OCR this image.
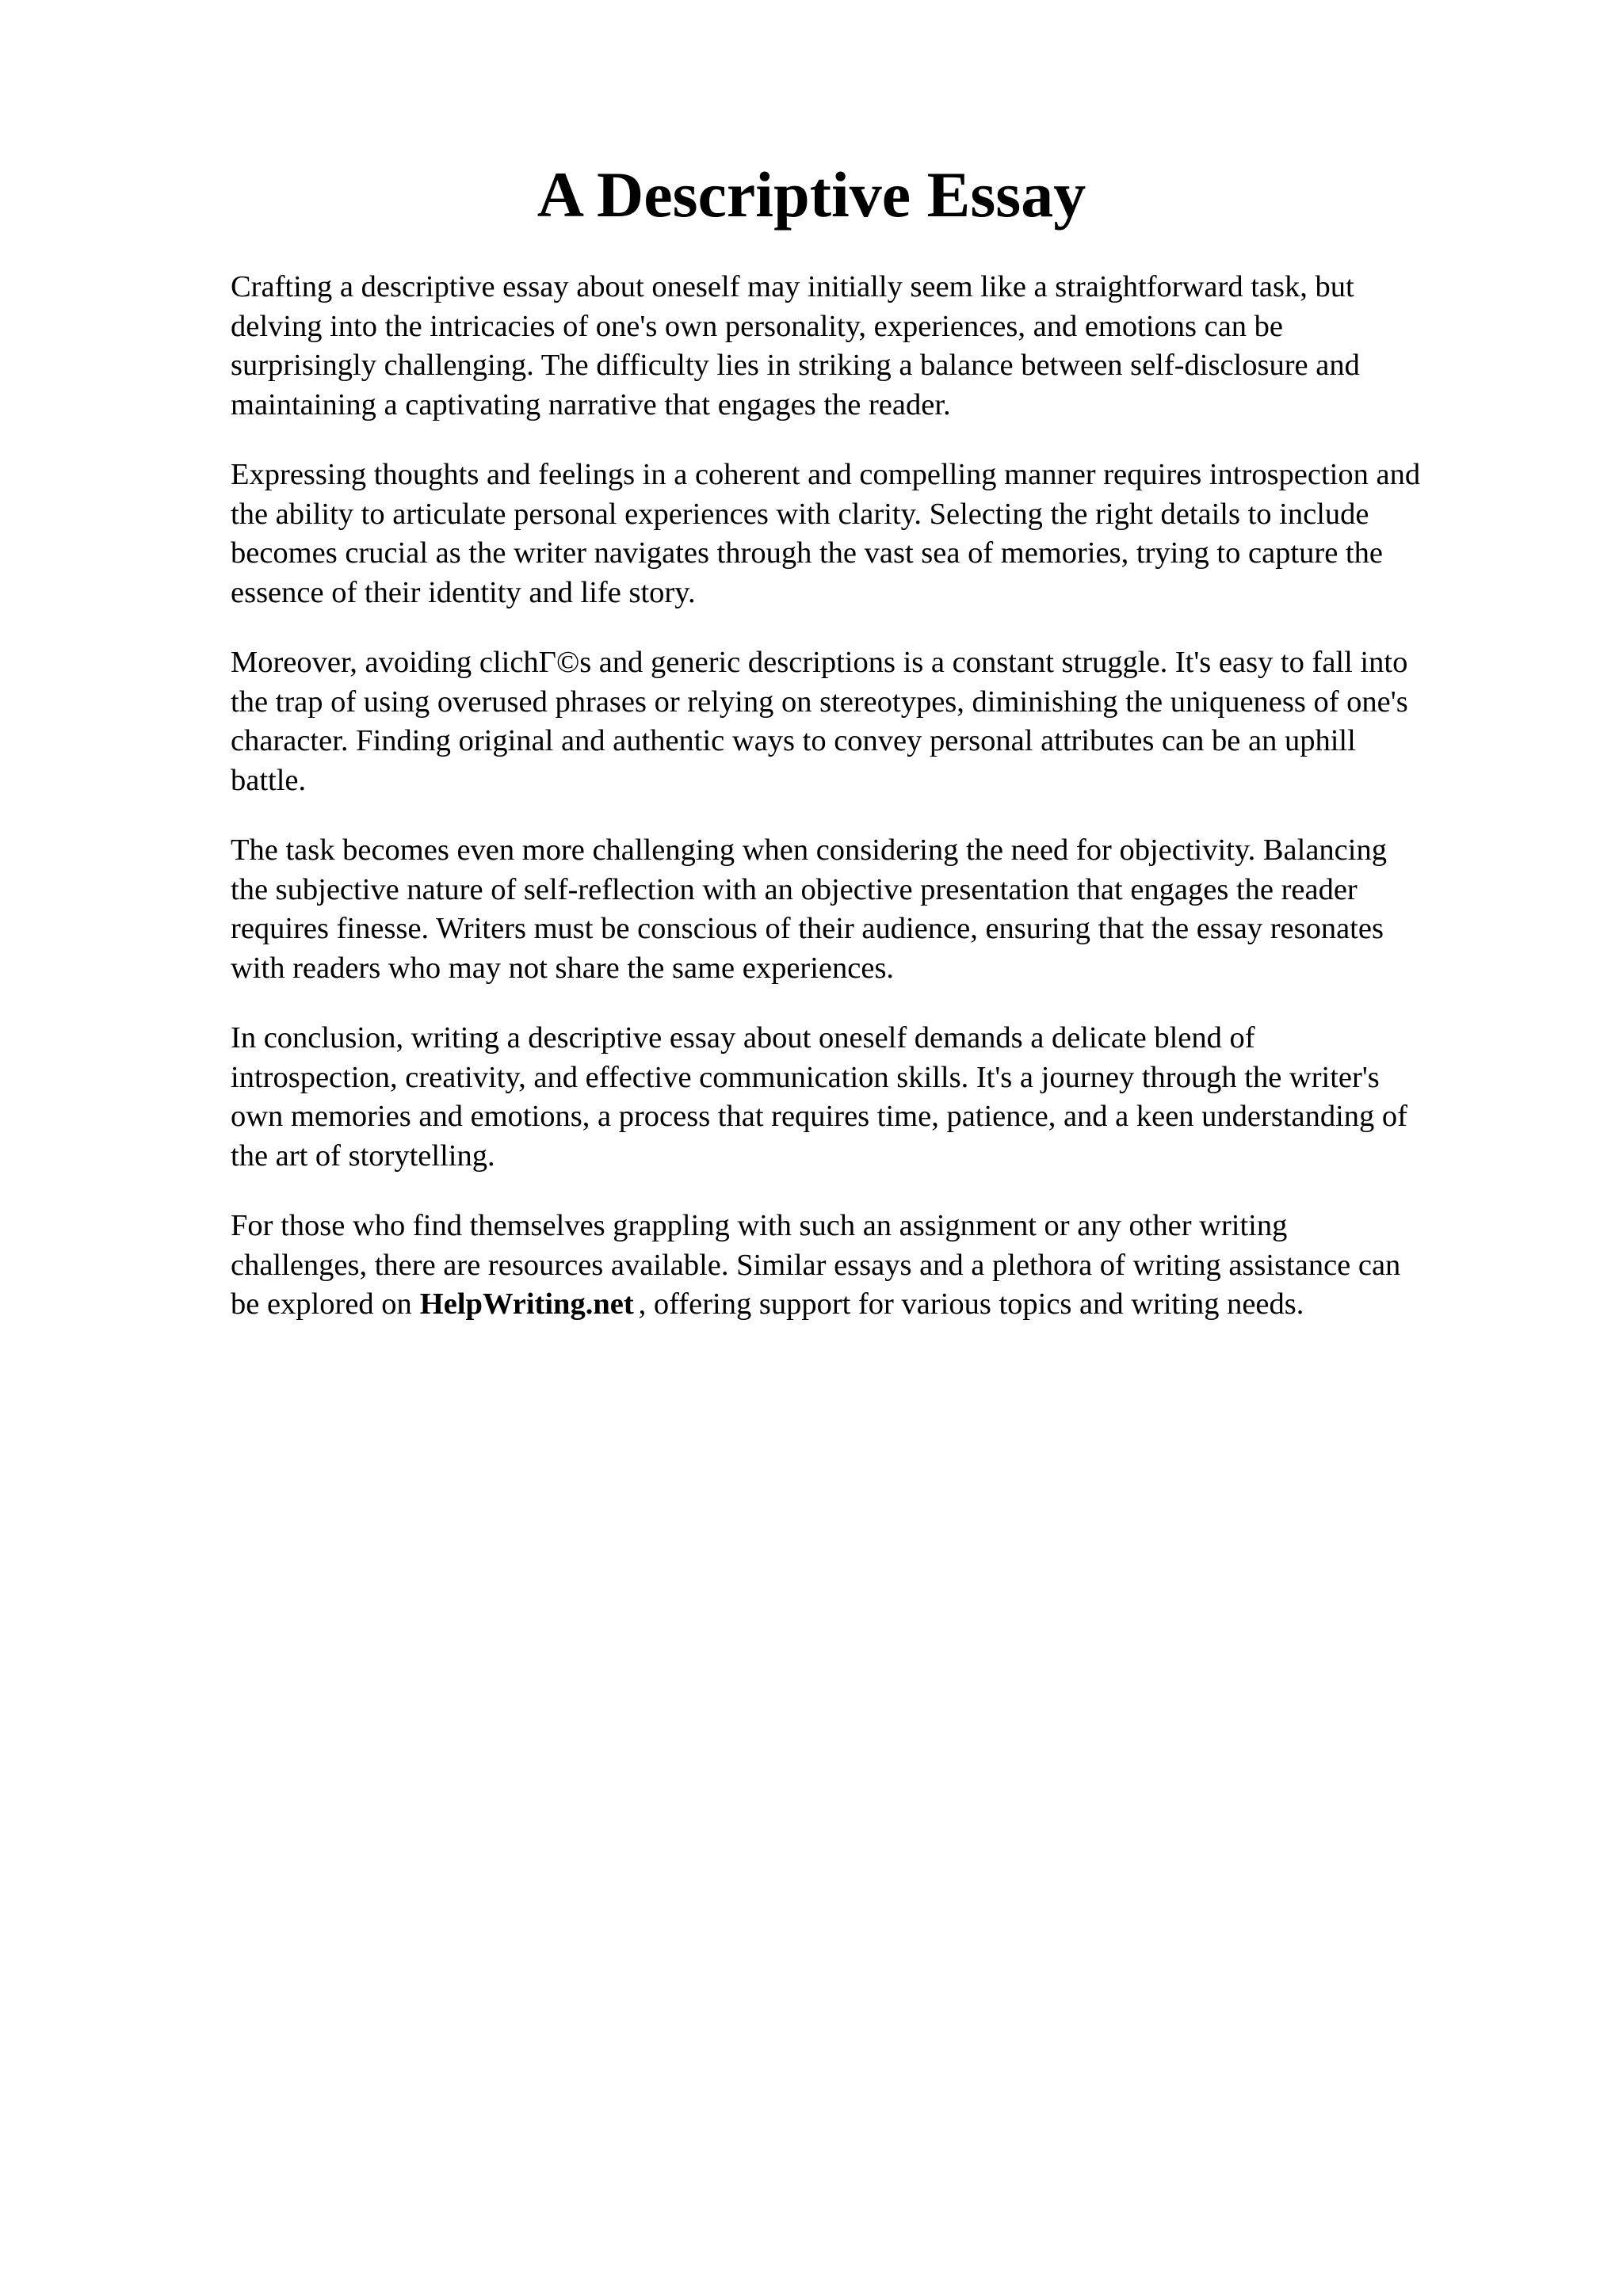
A Descriptive Essay

Crafting a descriptive essay about oneself may initially seem like a straightforward task, but
delving into the intricacies of one's own personality, experiences, and emotions can be
surprisingly challenging. The difficulty lies in striking a balance between self-disclosure and
maintaining a captivating narrative that engages the reader.

Expressing thoughts and feelings in a coherent and compelling manner requires introspection and
the ability to articulate personal experiences with clarity. Selecting the right details to include
becomes crucial as the writer navigates through the vast sea of memories, trying to capture the
essence of their identity and life story.

Moreover, avoiding clichГ©s and generic descriptions is a constant struggle. It's easy to fall into
the trap of using overused phrases or relying on stereotypes, diminishing the uniqueness of one's
character. Finding original and authentic ways to convey personal attributes can be an uphill
battle.

The task becomes even more challenging when considering the need for objectivity. Balancing
the subjective nature of self-reflection with an objective presentation that engages the reader
requires finesse. Writers must be conscious of their audience, ensuring that the essay resonates
with readers who may not share the same experiences.

In conclusion, writing a descriptive essay about oneself demands a delicate blend of
introspection, creativity, and effective communication skills. It's a journey through the writer's
own memories and emotions, a process that requires time, patience, and a keen understanding of
the art of storytelling.

For those who find themselves grappling with such an assignment or any other writing
challenges, there are resources available. Similar essays and a plethora of writing assistance can
be explored on HelpWriting.net , offering support for various topics and writing needs.
